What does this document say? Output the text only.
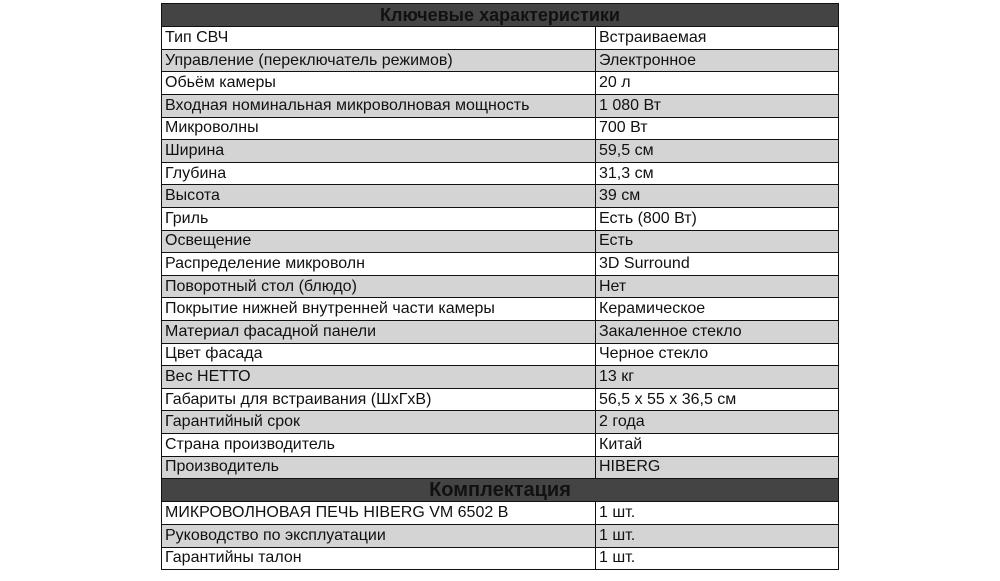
Ключевые характеристики	
Тип СВЧ	Встраиваемая
Управление (переключатель режимов)	Электронное
Обьём камеры	20 л
Входная номинальная микроволновая мощность	1 080 Вт
Микроволны	700 Вт
Ширина	59,5 см
Глубина	31,3 см
Высота	39 см
Гриль	Есть (800 Вт)
Освещение	Есть
Распределение микроволн	3D Surround
Поворотный стол (блюдо)	Нет
Покрытие нижней внутренней части камеры	Керамическое
Материал фасадной панели	Закаленное стекло
Цвет фасада	Черное стекло
Вес НЕТТО	13 кг
Габариты для встраивания (ШхГхВ)	56,5 х 55 х 36,5 см
Гарантийный срок	2 года
Страна производитель	Китай
Производитель	HIBERG
Комплектация	
МИКРОВОЛНОВАЯ ПЕЧЬ HIBERG VM 6502 B	1 шт.
Руководство по эксплуатации	1 шт.
Гарантийны талон	1 шт.
